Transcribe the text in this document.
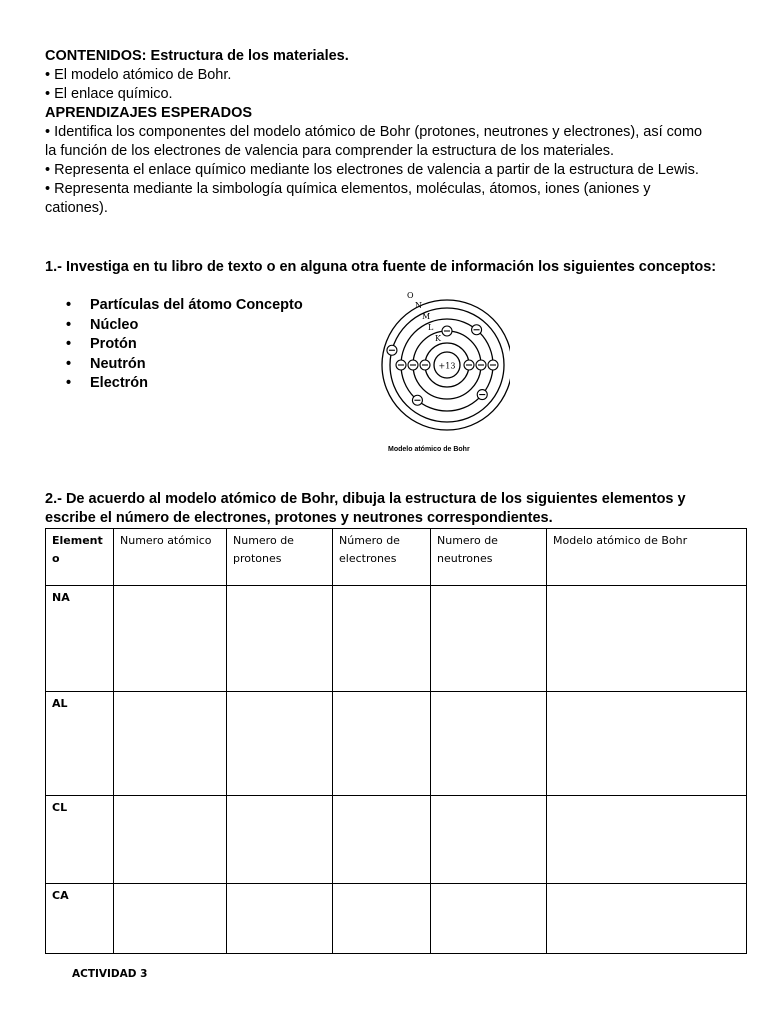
CONTENIDOS: Estructura de los materiales.

• El modelo atómico de Bohr.

• El enlace químico.

APRENDIZAJES ESPERADOS

• Identifica los componentes del modelo atómico de Bohr (protones, neutrones y electrones), así como la función de los electrones de valencia para comprender la estructura de los materiales.

• Representa el enlace químico mediante los electrones de valencia a partir de la estructura de Lewis.

• Representa mediante la simbología química elementos, moléculas, átomos, iones (aniones y cationes).

1.- Investiga en tu libro de texto o en alguna otra fuente de información los siguientes conceptos:

• Partículas del átomo Concepto
• Núcleo
• Protón
• Neutrón
• Electrón
+13
O
N
M
L
K
Modelo atómico de Bohr

2.- De acuerdo al modelo atómico de Bohr, dibuja la estructura de los siguientes elementos y escribe el número de electrones, protones y neutrones correspondientes.

Element
o	Numero atómico	Numero de protones	Número de electrones	Numero de neutrones	Modelo atómico de Bohr
NA					
AL					
CL					
CA					
ACTIVIDAD 3
